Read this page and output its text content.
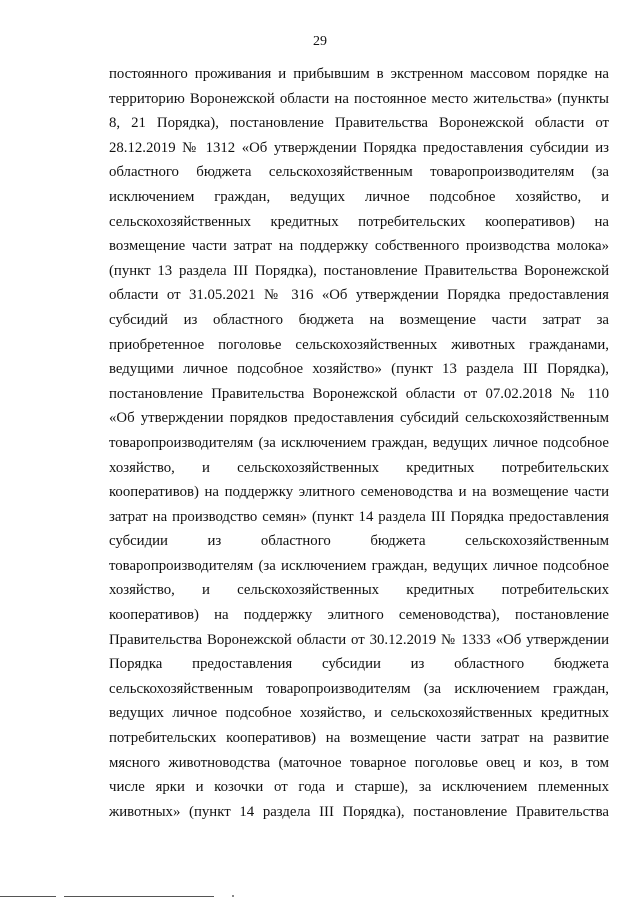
29
постоянного проживания и прибывшим в экстренном массовом порядке на
территорию Воронежской области на постоянное место жительства» (пункты
8, 21 Порядка), постановление Правительства Воронежской области от
28.12.2019 № 1312 «Об утверждении Порядка предоставления субсидии из
областного бюджета сельскохозяйственным товаропроизводителям (за
исключением граждан, ведущих личное подсобное хозяйство, и
сельскохозяйственных кредитных потребительских кооперативов) на
возмещение части затрат на поддержку собственного производства молока»
(пункт 13 раздела III Порядка), постановление Правительства Воронежской
области от 31.05.2021 № 316 «Об утверждении Порядка предоставления
субсидий из областного бюджета на возмещение части затрат за
приобретенное поголовье сельскохозяйственных животных гражданами,
ведущими личное подсобное хозяйство» (пункт 13 раздела III Порядка),
постановление Правительства Воронежской области от 07.02.2018 № 110
«Об утверждении порядков предоставления субсидий сельскохозяйственным
товаропроизводителям (за исключением граждан, ведущих личное подсобное
хозяйство, и сельскохозяйственных кредитных потребительских
кооперативов) на поддержку элитного семеноводства и на возмещение части
затрат на производство семян» (пункт 14 раздела III Порядка предоставления
субсидии из областного бюджета сельскохозяйственным
товаропроизводителям (за исключением граждан, ведущих личное подсобное
хозяйство, и сельскохозяйственных кредитных потребительских
кооперативов) на поддержку элитного семеноводства), постановление
Правительства Воронежской области от 30.12.2019 № 1333 «Об утверждении
Порядка предоставления субсидии из областного бюджета
сельскохозяйственным товаропроизводителям (за исключением граждан,
ведущих личное подсобное хозяйство, и сельскохозяйственных кредитных
потребительских кооперативов) на возмещение части затрат на развитие
мясного животноводства (маточное товарное поголовье овец и коз, в том
числе ярки и козочки от года и старше), за исключением племенных
животных» (пункт 14 раздела III Порядка), постановление Правительства
